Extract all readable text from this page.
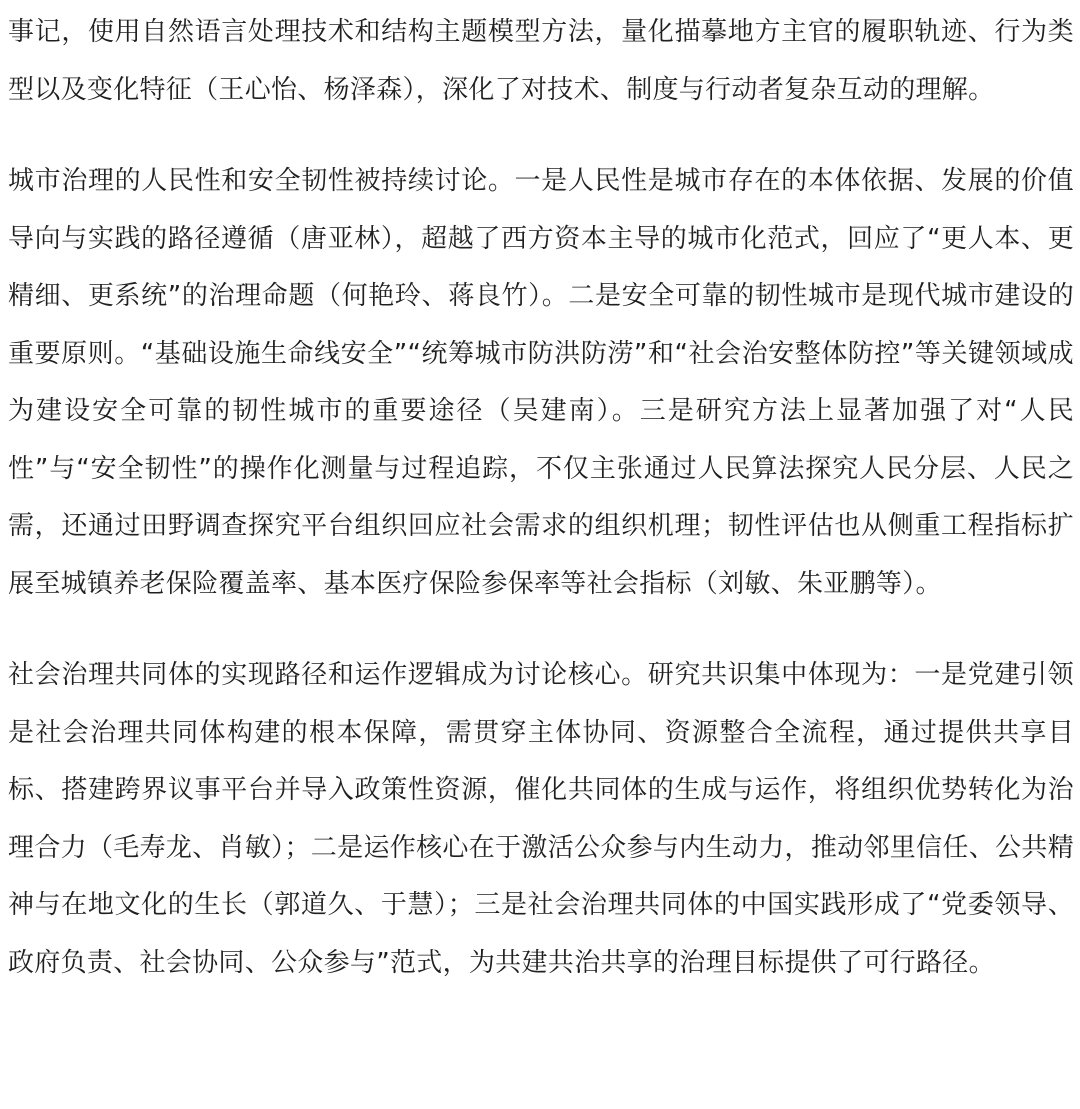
事记，使用自然语言处理技术和结构主题模型方法，量化描摹地方主官的履职轨迹、行为类型以及变化特征（王心怡、杨泽森），深化了对技术、制度与行动者复杂互动的理解。

城市治理的人民性和安全韧性被持续讨论。一是人民性是城市存在的本体依据、发展的价值导向与实践的路径遵循（唐亚林），超越了西方资本主导的城市化范式，回应了“更人本、更精细、更系统”的治理命题（何艳玲、蒋良竹）。二是安全可靠的韧性城市是现代城市建设的重要原则。“基础设施生命线安全”“统筹城市防洪防涝”和“社会治安整体防控”等关键领域成为建设安全可靠的韧性城市的重要途径（吴建南）。三是研究方法上显著加强了对“人民性”与“安全韧性”的操作化测量与过程追踪，不仅主张通过人民算法探究人民分层、人民之需，还通过田野调查探究平台组织回应社会需求的组织机理；韧性评估也从侧重工程指标扩展至城镇养老保险覆盖率、基本医疗保险参保率等社会指标（刘敏、朱亚鹏等）。

社会治理共同体的实现路径和运作逻辑成为讨论核心。研究共识集中体现为：一是党建引领是社会治理共同体构建的根本保障，需贯穿主体协同、资源整合全流程，通过提供共享目标、搭建跨界议事平台并导入政策性资源，催化共同体的生成与运作，将组织优势转化为治理合力（毛寿龙、肖敏）；二是运作核心在于激活公众参与内生动力，推动邻里信任、公共精神与在地文化的生长（郭道久、于慧）；三是社会治理共同体的中国实践形成了“党委领导、政府负责、社会协同、公众参与”范式，为共建共治共享的治理目标提供了可行路径。
